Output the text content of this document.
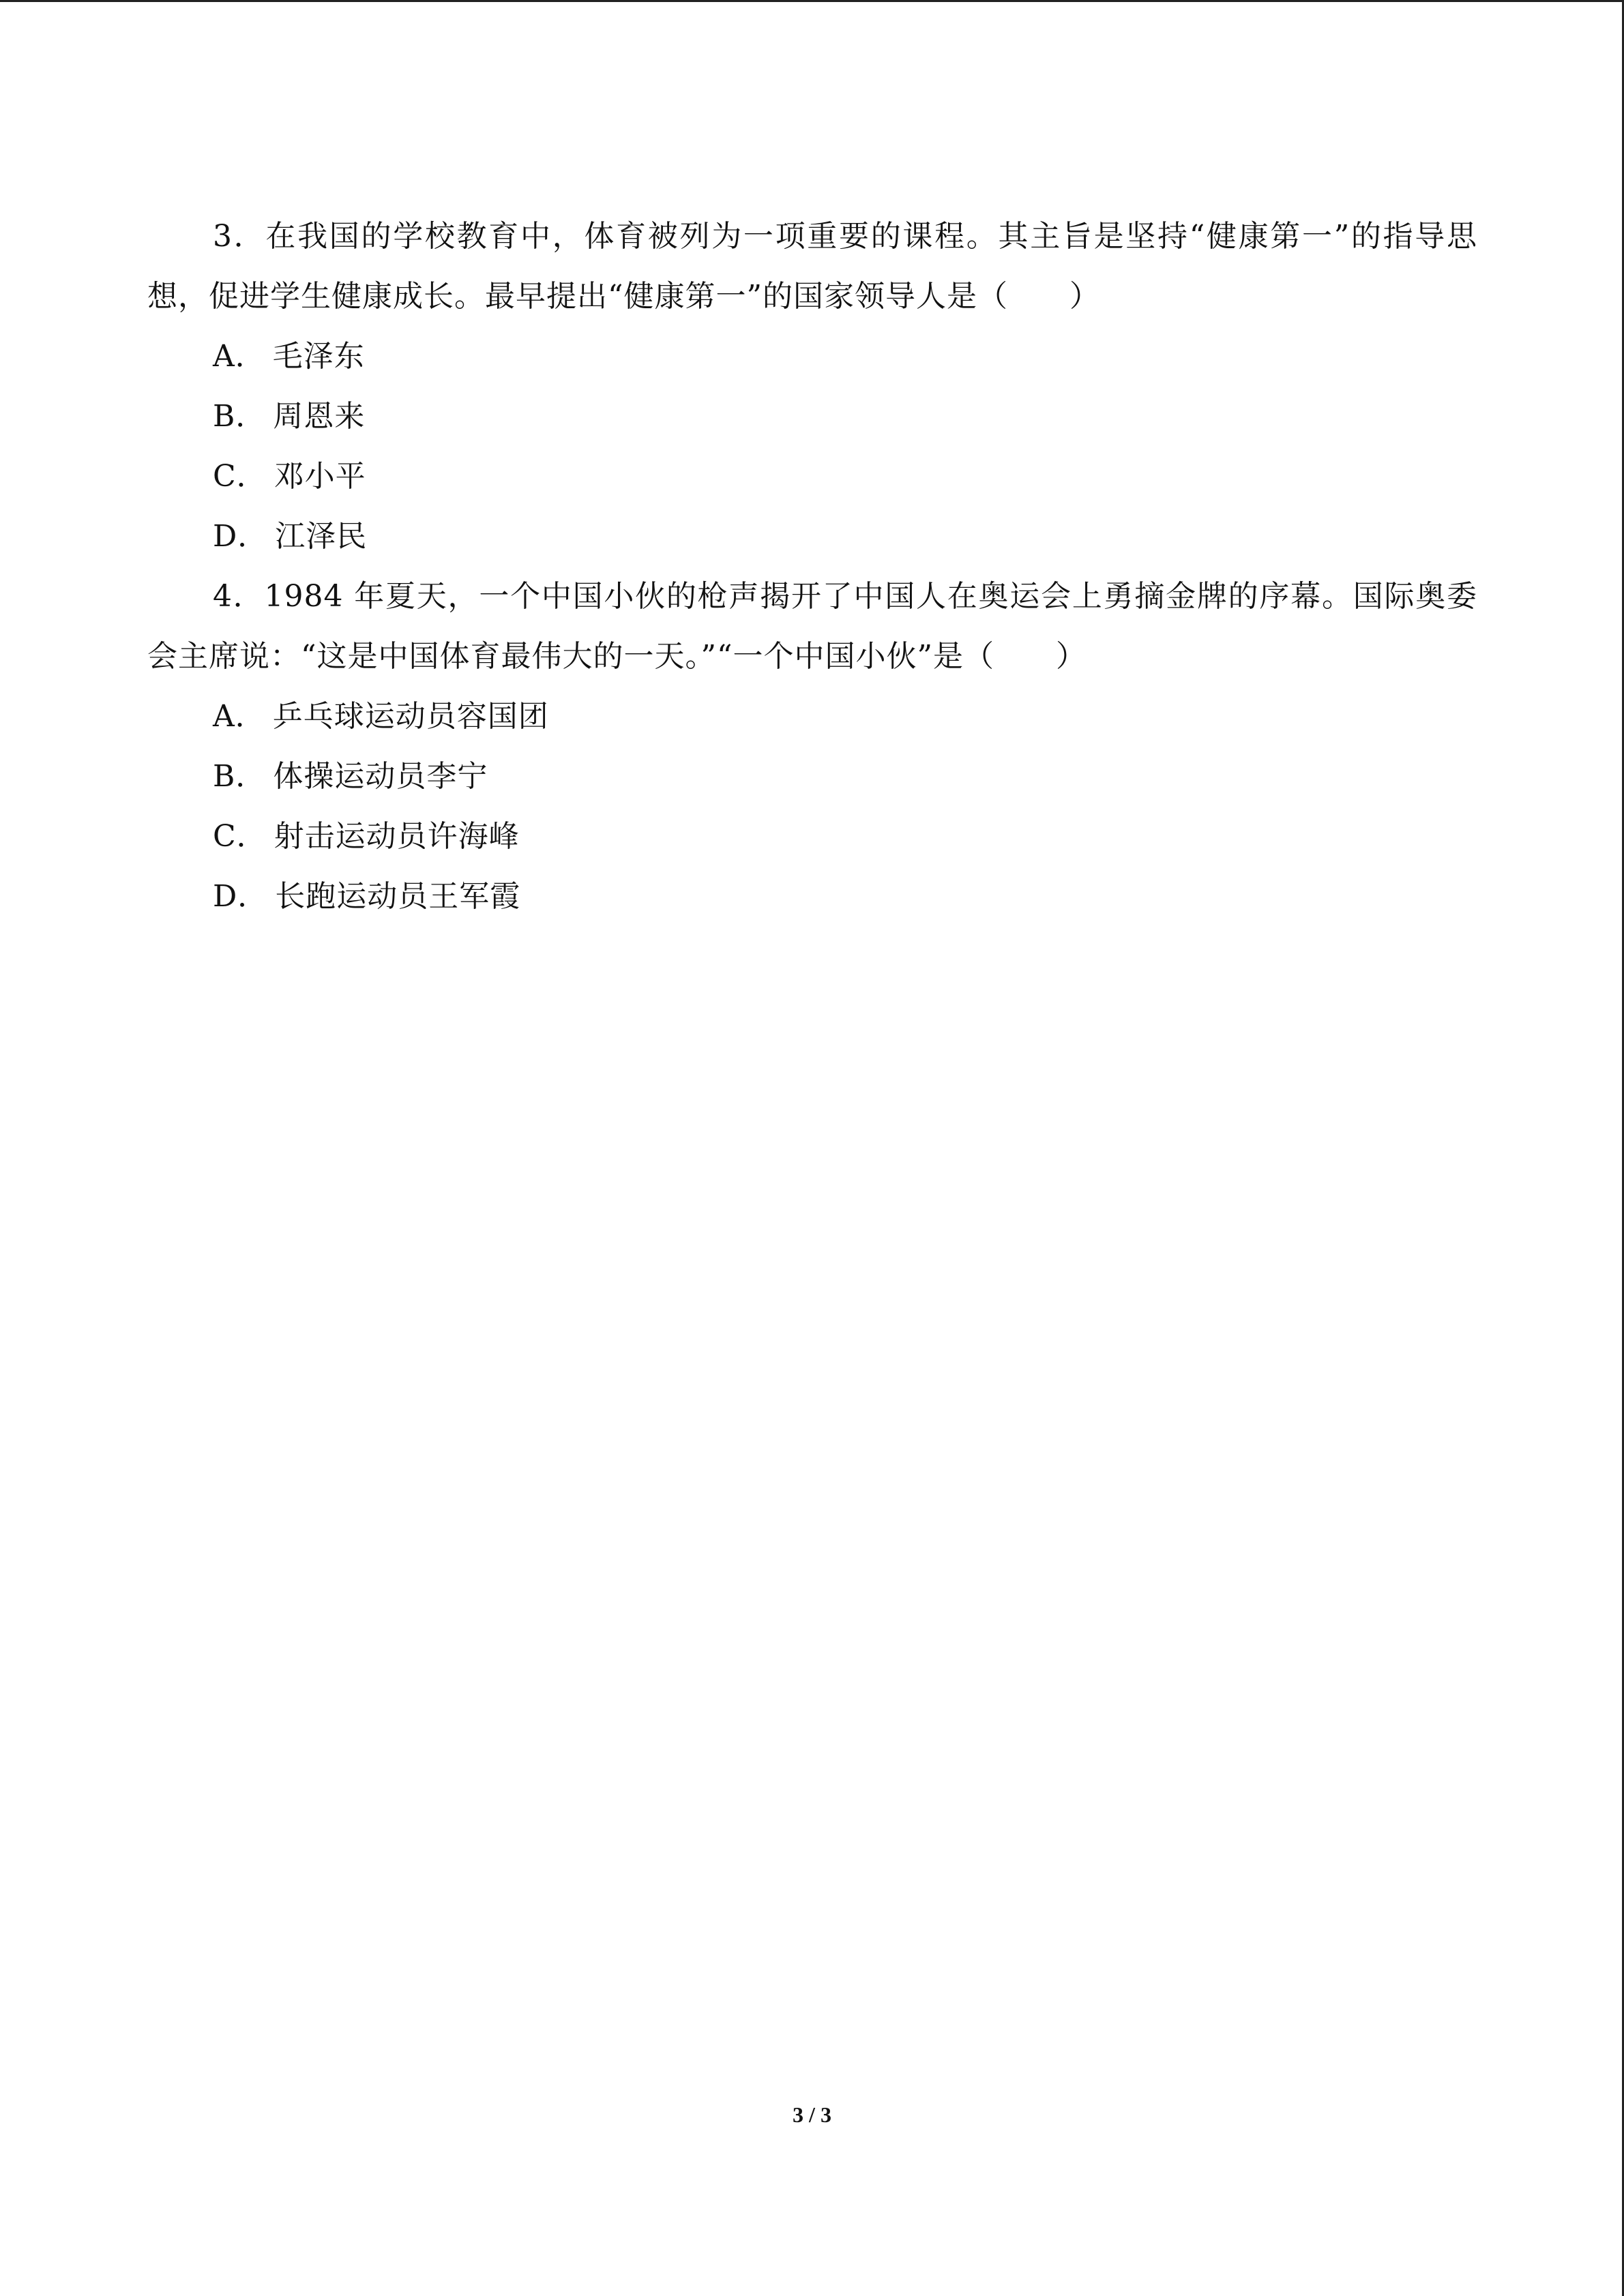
3．在我国的学校教育中，体育被列为一项重要的课程。其主旨是坚持“健康第一”的指导思想，促进学生健康成长。最早提出“健康第一”的国家领导人是（　　）

A． 毛泽东

B． 周恩来

C． 邓小平

D． 江泽民

4．1984 年夏天，一个中国小伙的枪声揭开了中国人在奥运会上勇摘金牌的序幕。国际奥委会主席说：“这是中国体育最伟大的一天。”“一个中国小伙”是（　　）

A． 乒乓球运动员容国团

B． 体操运动员李宁

C． 射击运动员许海峰

D． 长跑运动员王军霞

3 / 3
